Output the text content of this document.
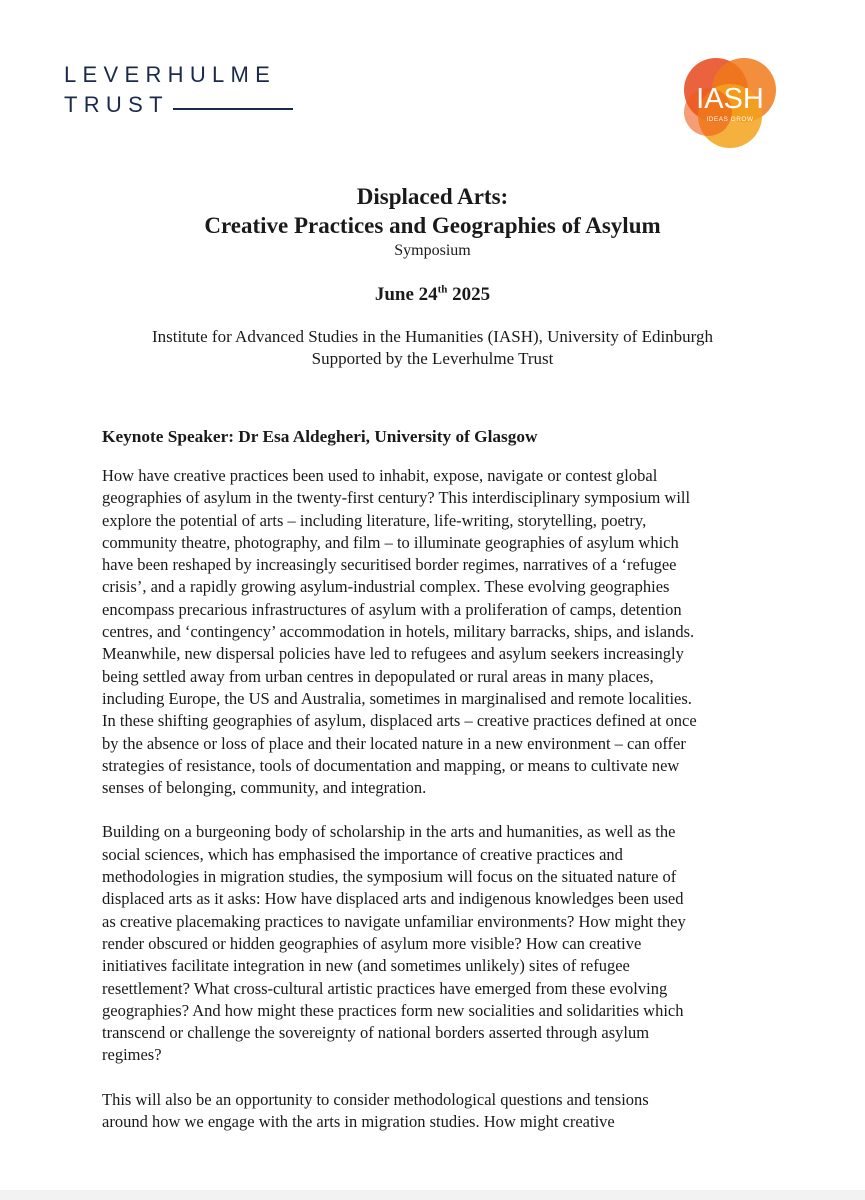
LEVERHULME
TRUST	IASH
IDEAS GROW
Displaced Arts:
Creative Practices and Geographies of Asylum
Symposium
June 24th 2025
Institute for Advanced Studies in the Humanities (IASH), University of Edinburgh
Supported by the Leverhulme Trust
Keynote Speaker: Dr Esa Aldegheri, University of Glasgow
How have creative practices been used to inhabit, expose, navigate or contest global
geographies of asylum in the twenty-first century? This interdisciplinary symposium will
explore the potential of arts – including literature, life-writing, storytelling, poetry,
community theatre, photography, and film – to illuminate geographies of asylum which
have been reshaped by increasingly securitised border regimes, narratives of a ‘refugee
crisis’, and a rapidly growing asylum-industrial complex. These evolving geographies
encompass precarious infrastructures of asylum with a proliferation of camps, detention
centres, and ‘contingency’ accommodation in hotels, military barracks, ships, and islands.
Meanwhile, new dispersal policies have led to refugees and asylum seekers increasingly
being settled away from urban centres in depopulated or rural areas in many places,
including Europe, the US and Australia, sometimes in marginalised and remote localities.
In these shifting geographies of asylum, displaced arts – creative practices defined at once
by the absence or loss of place and their located nature in a new environment – can offer
strategies of resistance, tools of documentation and mapping, or means to cultivate new
senses of belonging, community, and integration.
Building on a burgeoning body of scholarship in the arts and humanities, as well as the
social sciences, which has emphasised the importance of creative practices and
methodologies in migration studies, the symposium will focus on the situated nature of
displaced arts as it asks: How have displaced arts and indigenous knowledges been used
as creative placemaking practices to navigate unfamiliar environments? How might they
render obscured or hidden geographies of asylum more visible? How can creative
initiatives facilitate integration in new (and sometimes unlikely) sites of refugee
resettlement? What cross-cultural artistic practices have emerged from these evolving
geographies? And how might these practices form new socialities and solidarities which
transcend or challenge the sovereignty of national borders asserted through asylum
regimes?
This will also be an opportunity to consider methodological questions and tensions
around how we engage with the arts in migration studies. How might creative
